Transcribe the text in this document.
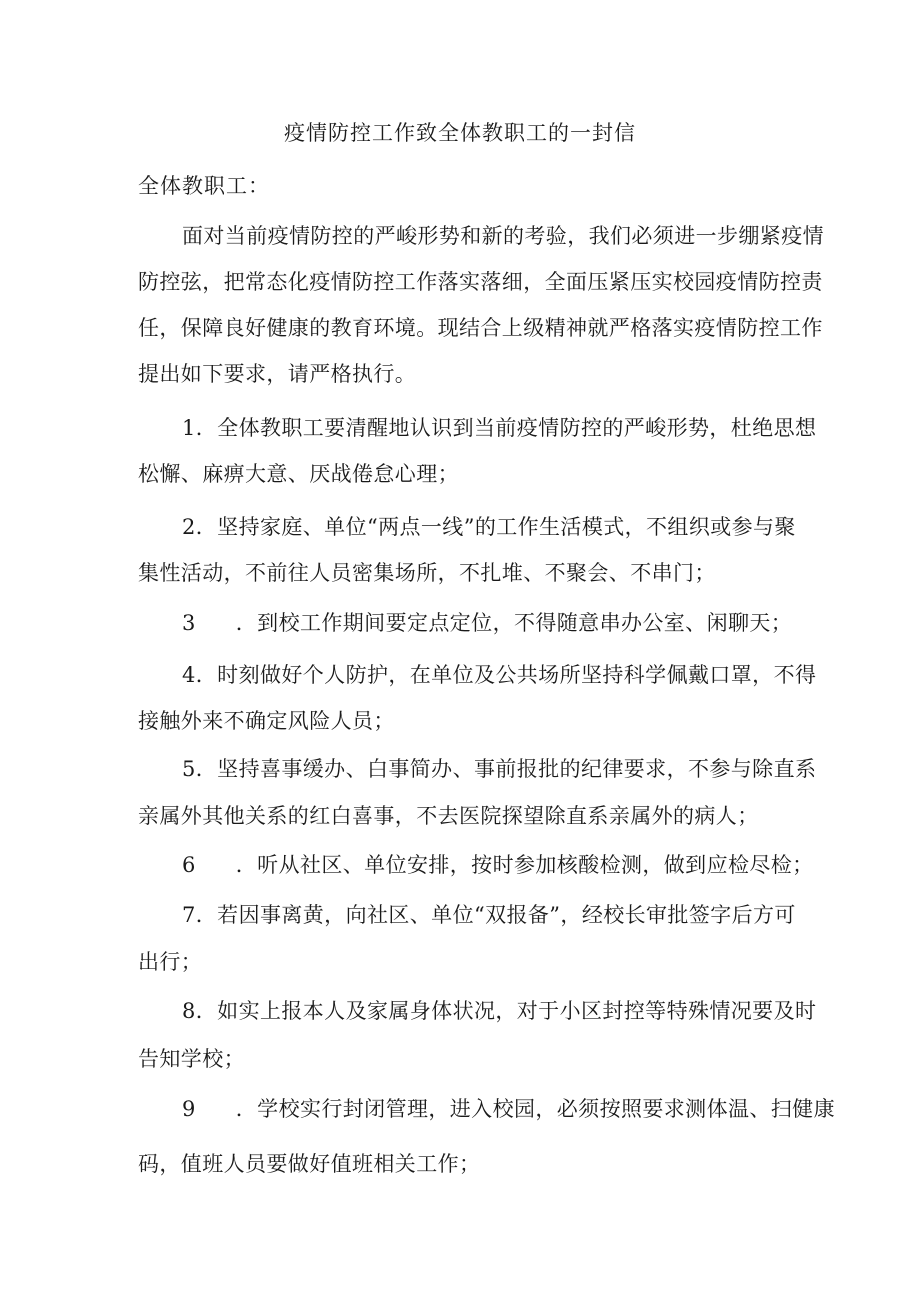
疫情防控工作致全体教职工的一封信
全体教职工：
面对当前疫情防控的严峻形势和新的考验，我们必须进一步绷紧疫情
防控弦，把常态化疫情防控工作落实落细，全面压紧压实校园疫情防控责
任，保障良好健康的教育环境。现结合上级精神就严格落实疫情防控工作
提出如下要求，请严格执行。
1．全体教职工要清醒地认识到当前疫情防控的严峻形势，杜绝思想
松懈、麻痹大意、厌战倦怠心理；
2．坚持家庭、单位“两点一线”的工作生活模式，不组织或参与聚
集性活动，不前往人员密集场所，不扎堆、不聚会、不串门；
3 ．到校工作期间要定点定位，不得随意串办公室、闲聊天；
4．时刻做好个人防护，在单位及公共场所坚持科学佩戴口罩，不得
接触外来不确定风险人员；
5．坚持喜事缓办、白事简办、事前报批的纪律要求，不参与除直系
亲属外其他关系的红白喜事，不去医院探望除直系亲属外的病人；
6 ．听从社区、单位安排，按时参加核酸检测，做到应检尽检；
7．若因事离黄，向社区、单位“双报备”，经校长审批签字后方可
出行；
8．如实上报本人及家属身体状况，对于小区封控等特殊情况要及时
告知学校；
9 ．学校实行封闭管理，进入校园，必须按照要求测体温、扫健康
码，值班人员要做好值班相关工作；
